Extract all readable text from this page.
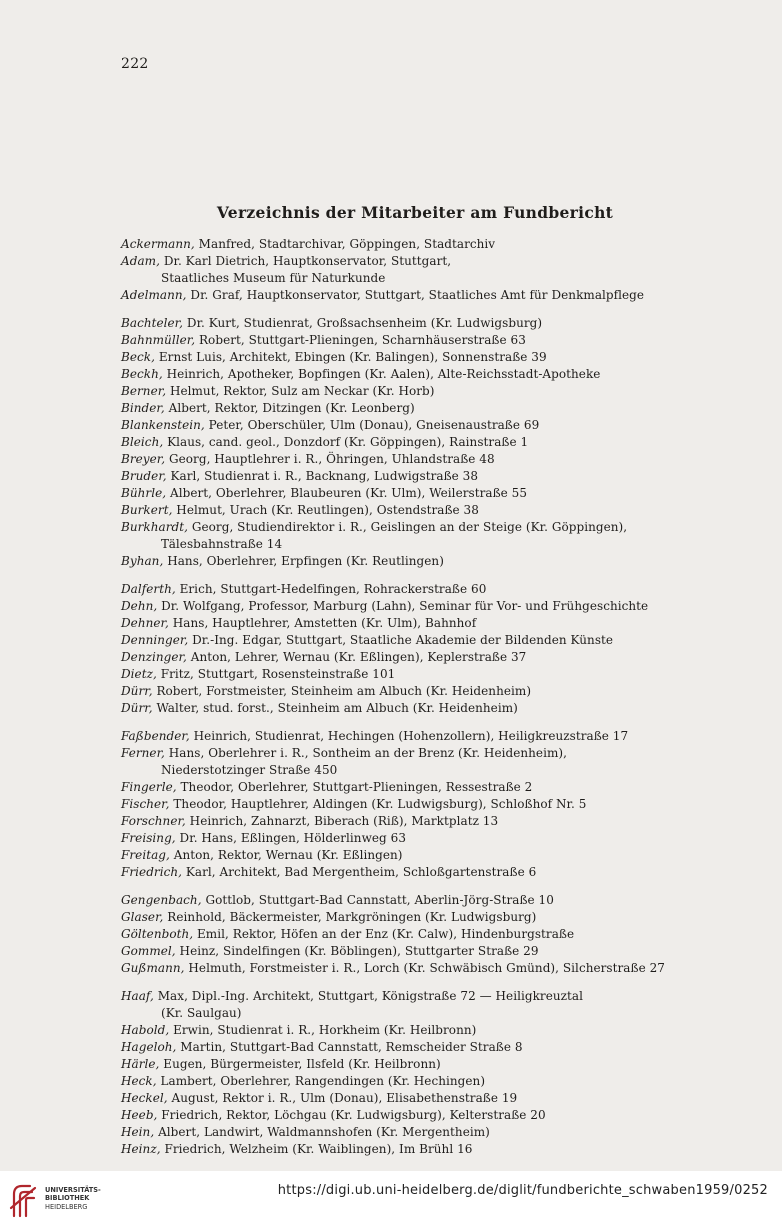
222
Verzeichnis der Mitarbeiter am Fundbericht
Ackermann, Manfred, Stadtarchivar, Göppingen, Stadtarchiv
Adam, Dr. Karl Dietrich, Hauptkonservator, Stuttgart,
Staatliches Museum für Naturkunde
Adelmann, Dr. Graf, Hauptkonservator, Stuttgart, Staatliches Amt für Denkmalpflege
Bachteler, Dr. Kurt, Studienrat, Großsachsenheim (Kr. Ludwigsburg)
Bahnmüller, Robert, Stuttgart-Plieningen, Scharnhäuserstraße 63
Beck, Ernst Luis, Architekt, Ebingen (Kr. Balingen), Sonnenstraße 39
Beckh, Heinrich, Apotheker, Bopfingen (Kr. Aalen), Alte-Reichsstadt-Apotheke
Berner, Helmut, Rektor, Sulz am Neckar (Kr. Horb)
Binder, Albert, Rektor, Ditzingen (Kr. Leonberg)
Blankenstein, Peter, Oberschüler, Ulm (Donau), Gneisenaustraße 69
Bleich, Klaus, cand. geol., Donzdorf (Kr. Göppingen), Rainstraße 1
Breyer, Georg, Hauptlehrer i. R., Öhringen, Uhlandstraße 48
Bruder, Karl, Studienrat i. R., Backnang, Ludwigstraße 38
Bührle, Albert, Oberlehrer, Blaubeuren (Kr. Ulm), Weilerstraße 55
Burkert, Helmut, Urach (Kr. Reutlingen), Ostendstraße 38
Burkhardt, Georg, Studiendirektor i. R., Geislingen an der Steige (Kr. Göppingen),
Tälesbahnstraße 14
Byhan, Hans, Oberlehrer, Erpfingen (Kr. Reutlingen)
Dalferth, Erich, Stuttgart-Hedelfingen, Rohrackerstraße 60
Dehn, Dr. Wolfgang, Professor, Marburg (Lahn), Seminar für Vor- und Frühgeschichte
Dehner, Hans, Hauptlehrer, Amstetten (Kr. Ulm), Bahnhof
Denninger, Dr.-Ing. Edgar, Stuttgart, Staatliche Akademie der Bildenden Künste
Denzinger, Anton, Lehrer, Wernau (Kr. Eßlingen), Keplerstraße 37
Dietz, Fritz, Stuttgart, Rosensteinstraße 101
Dürr, Robert, Forstmeister, Steinheim am Albuch (Kr. Heidenheim)
Dürr, Walter, stud. forst., Steinheim am Albuch (Kr. Heidenheim)
Faßbender, Heinrich, Studienrat, Hechingen (Hohenzollern), Heiligkreuzstraße 17
Ferner, Hans, Oberlehrer i. R., Sontheim an der Brenz (Kr. Heidenheim),
Niederstotzinger Straße 450
Fingerle, Theodor, Oberlehrer, Stuttgart-Plieningen, Ressestraße 2
Fischer, Theodor, Hauptlehrer, Aldingen (Kr. Ludwigsburg), Schloßhof Nr. 5
Forschner, Heinrich, Zahnarzt, Biberach (Riß), Marktplatz 13
Freising, Dr. Hans, Eßlingen, Hölderlinweg 63
Freitag, Anton, Rektor, Wernau (Kr. Eßlingen)
Friedrich, Karl, Architekt, Bad Mergentheim, Schloßgartenstraße 6
Gengenbach, Gottlob, Stuttgart-Bad Cannstatt, Aberlin-Jörg-Straße 10
Glaser, Reinhold, Bäckermeister, Markgröningen (Kr. Ludwigsburg)
Göltenboth, Emil, Rektor, Höfen an der Enz (Kr. Calw), Hindenburgstraße
Gommel, Heinz, Sindelfingen (Kr. Böblingen), Stuttgarter Straße 29
Gußmann, Helmuth, Forstmeister i. R., Lorch (Kr. Schwäbisch Gmünd), Silcherstraße 27
Haaf, Max, Dipl.-Ing. Architekt, Stuttgart, Königstraße 72 — Heiligkreuztal
(Kr. Saulgau)
Habold, Erwin, Studienrat i. R., Horkheim (Kr. Heilbronn)
Hageloh, Martin, Stuttgart-Bad Cannstatt, Remscheider Straße 8
Härle, Eugen, Bürgermeister, Ilsfeld (Kr. Heilbronn)
Heck, Lambert, Oberlehrer, Rangendingen (Kr. Hechingen)
Heckel, August, Rektor i. R., Ulm (Donau), Elisabethenstraße 19
Heeb, Friedrich, Rektor, Löchgau (Kr. Ludwigsburg), Kelterstraße 20
Hein, Albert, Landwirt, Waldmannshofen (Kr. Mergentheim)
Heinz, Friedrich, Welzheim (Kr. Waiblingen), Im Brühl 16
UNIVERSITÄTS-
BIBLIOTHEK
HEIDELBERG
https://digi.ub.uni-heidelberg.de/diglit/fundberichte_schwaben1959/0252
